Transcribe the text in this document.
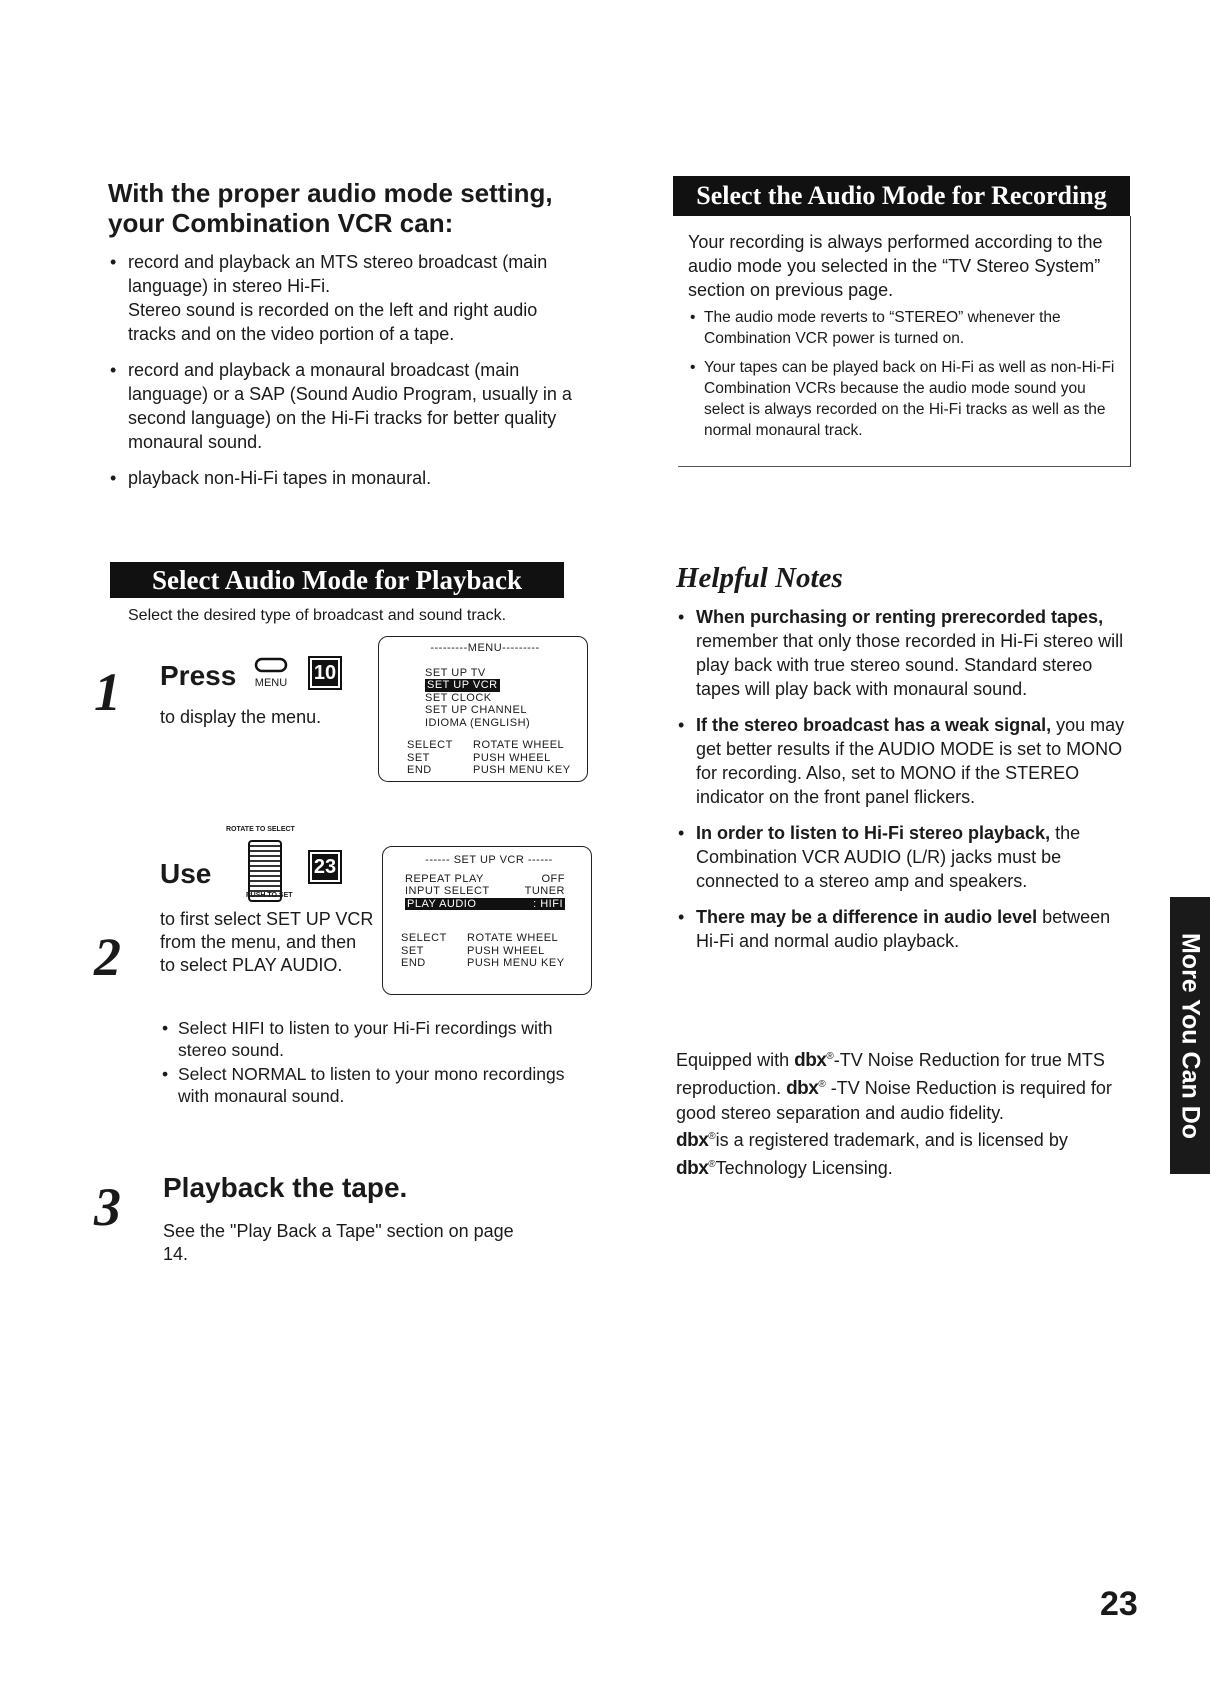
With the proper audio mode setting,
your Combination VCR can:
• record and playback an MTS stereo broadcast (main language) in stereo Hi-Fi.
Stereo sound is recorded on the left and right audio tracks and on the video portion of a tape.
• record and playback a monaural broadcast (main language) or a SAP (Sound Audio Program, usually in a second language) on the Hi-Fi tracks for better quality monaural sound.
• playback non-Hi-Fi tapes in monaural.
Select the Audio Mode for Recording

Your recording is always performed according to the audio mode you selected in the “TV Stereo System” section on previous page.

• The audio mode reverts to “STEREO” whenever the Combination VCR power is turned on.
• Your tapes can be played back on Hi-Fi as well as non-Hi-Fi Combination VCRs because the audio mode sound you select is always recorded on the Hi-Fi tracks as well as the normal monaural track.
Select Audio Mode for Playback
Select the desired type of broadcast and sound track.
1 Press MENU 10
to display the menu.
---------MENU---------
SET UP TV
SET UP VCR
SET CLOCK
SET UP CHANNEL
IDIOMA (ENGLISH)
SELECT	ROTATE WHEEL
SET	PUSH WHEEL
END	PUSH MENU KEY
2
ROTATE TO SELECT
Use
PUSH TO SET
23
to first select SET UP VCR from the menu, and then to select PLAY AUDIO.
------ SET UP VCR ------
REPEAT PLAY	OFF
INPUT SELECT	TUNER
PLAY AUDIO	: HIFI
SELECT	ROTATE WHEEL
SET	PUSH WHEEL
END	PUSH MENU KEY
• Select HIFI to listen to your Hi-Fi recordings with stereo sound.
• Select NORMAL to listen to your mono recordings with monaural sound.
3 Playback the tape.
See the "Play Back a Tape" section on page 14.
Helpful Notes
• When purchasing or renting prerecorded tapes, remember that only those recorded in Hi-Fi stereo will play back with true stereo sound. Standard stereo tapes will play back with monaural sound.
• If the stereo broadcast has a weak signal, you may get better results if the AUDIO MODE is set to MONO for recording. Also, set to MONO if the STEREO indicator on the front panel flickers.
• In order to listen to Hi-Fi stereo playback, the Combination VCR AUDIO (L/R) jacks must be connected to a stereo amp and speakers.
• There may be a difference in audio level between Hi-Fi and normal audio playback.

Equipped with dbx®-TV Noise Reduction for true MTS reproduction. dbx® -TV Noise Reduction is required for good stereo separation and audio fidelity.
dbx®is a registered trademark, and is licensed by dbx®Technology Licensing.

More You Can Do
23
